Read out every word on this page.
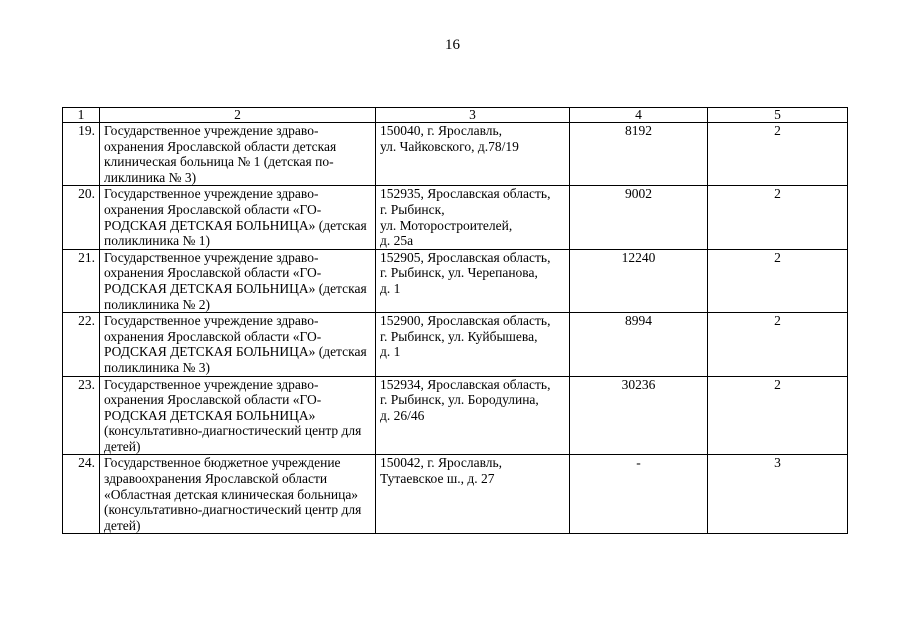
16
1	2	3	4	5
19.	Государственное учреждение здравоохранения Ярославской области детская клиническая больница № 1 (детская поликлиника № 3)	150040, г. Ярославль,
ул. Чайковского, д.78/19	8192	2
20.	Государственное учреждение здравоохранения Ярославской области «ГОРОДСКАЯ ДЕТСКАЯ БОЛЬНИЦА» (детская поликлиника № 1)	152935, Ярославская область,
г. Рыбинск,
ул. Моторостроителей,
д. 25а	9002	2
21.	Государственное учреждение здравоохранения Ярославской области «ГОРОДСКАЯ ДЕТСКАЯ БОЛЬНИЦА» (детская поликлиника № 2)	152905, Ярославская область,
г. Рыбинск, ул. Черепанова,
д. 1	12240	2
22.	Государственное учреждение здравоохранения Ярославской области «ГОРОДСКАЯ ДЕТСКАЯ БОЛЬНИЦА» (детская поликлиника № 3)	152900, Ярославская область,
г. Рыбинск, ул. Куйбышева,
д. 1	8994	2
23.	Государственное учреждение здравоохранения Ярославской области «ГОРОДСКАЯ ДЕТСКАЯ БОЛЬНИЦА» (консультативно-диагностический центр для детей)	152934, Ярославская область,
г. Рыбинск, ул. Бородулина,
д. 26/46	30236	2
24.	Государственное бюджетное учреждение здравоохранения Ярославской области «Областная детская клиническая больница» (консультативно-диагностический центр для детей)	150042, г. Ярославль,
Тутаевское ш., д. 27	-	3
